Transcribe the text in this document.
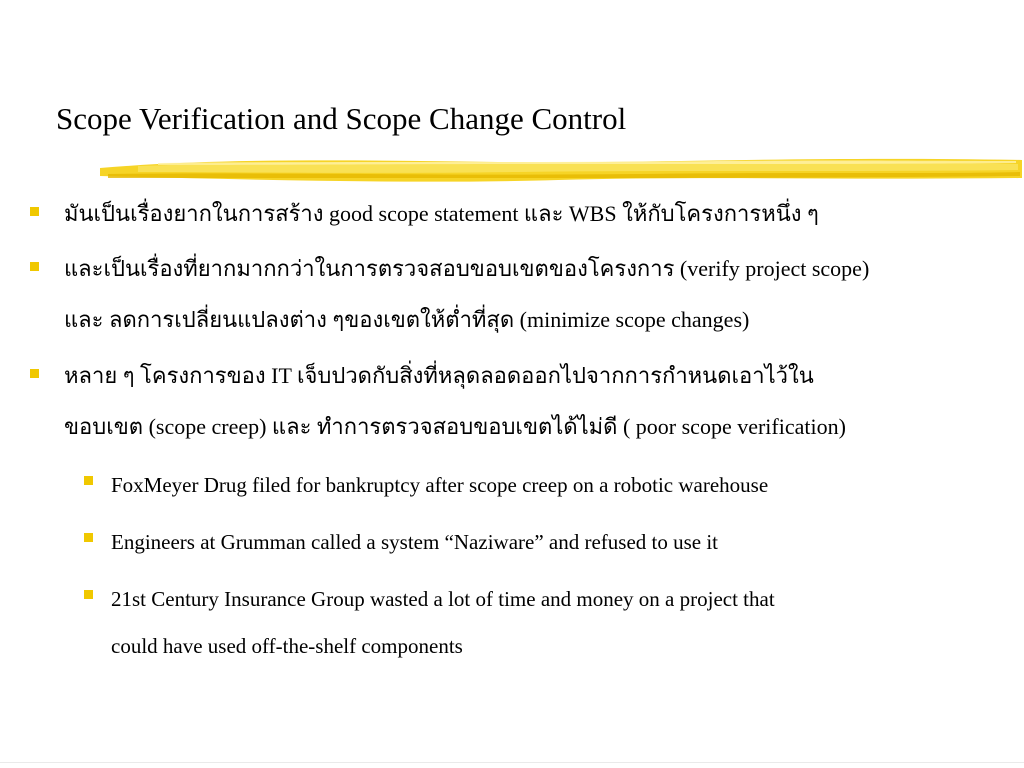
Scope Verification and Scope Change Control
มันเป็นเรื่องยากในการสร้าง good scope statement และ WBS ให้กับโครงการหนึ่ง ๆ
และเป็นเรื่องที่ยากมากกว่าในการตรวจสอบขอบเขตของโครงการ (verify project scope)
และ ลดการเปลี่ยนแปลงต่าง ๆของเขตให้ต่ำที่สุด (minimize scope changes)
หลาย ๆ โครงการของ IT เจ็บปวดกับสิ่งที่หลุดลอดออกไปจากการกำหนดเอาไว้ใน
ขอบเขต (scope creep) และ ทำการตรวจสอบขอบเขตได้ไม่ดี ( poor scope verification)
FoxMeyer Drug filed for bankruptcy after scope creep on a robotic warehouse
Engineers at Grumman called a system “Naziware” and refused to use it
21st Century Insurance Group wasted a lot of time and money on a project that
could have used off-the-shelf components
